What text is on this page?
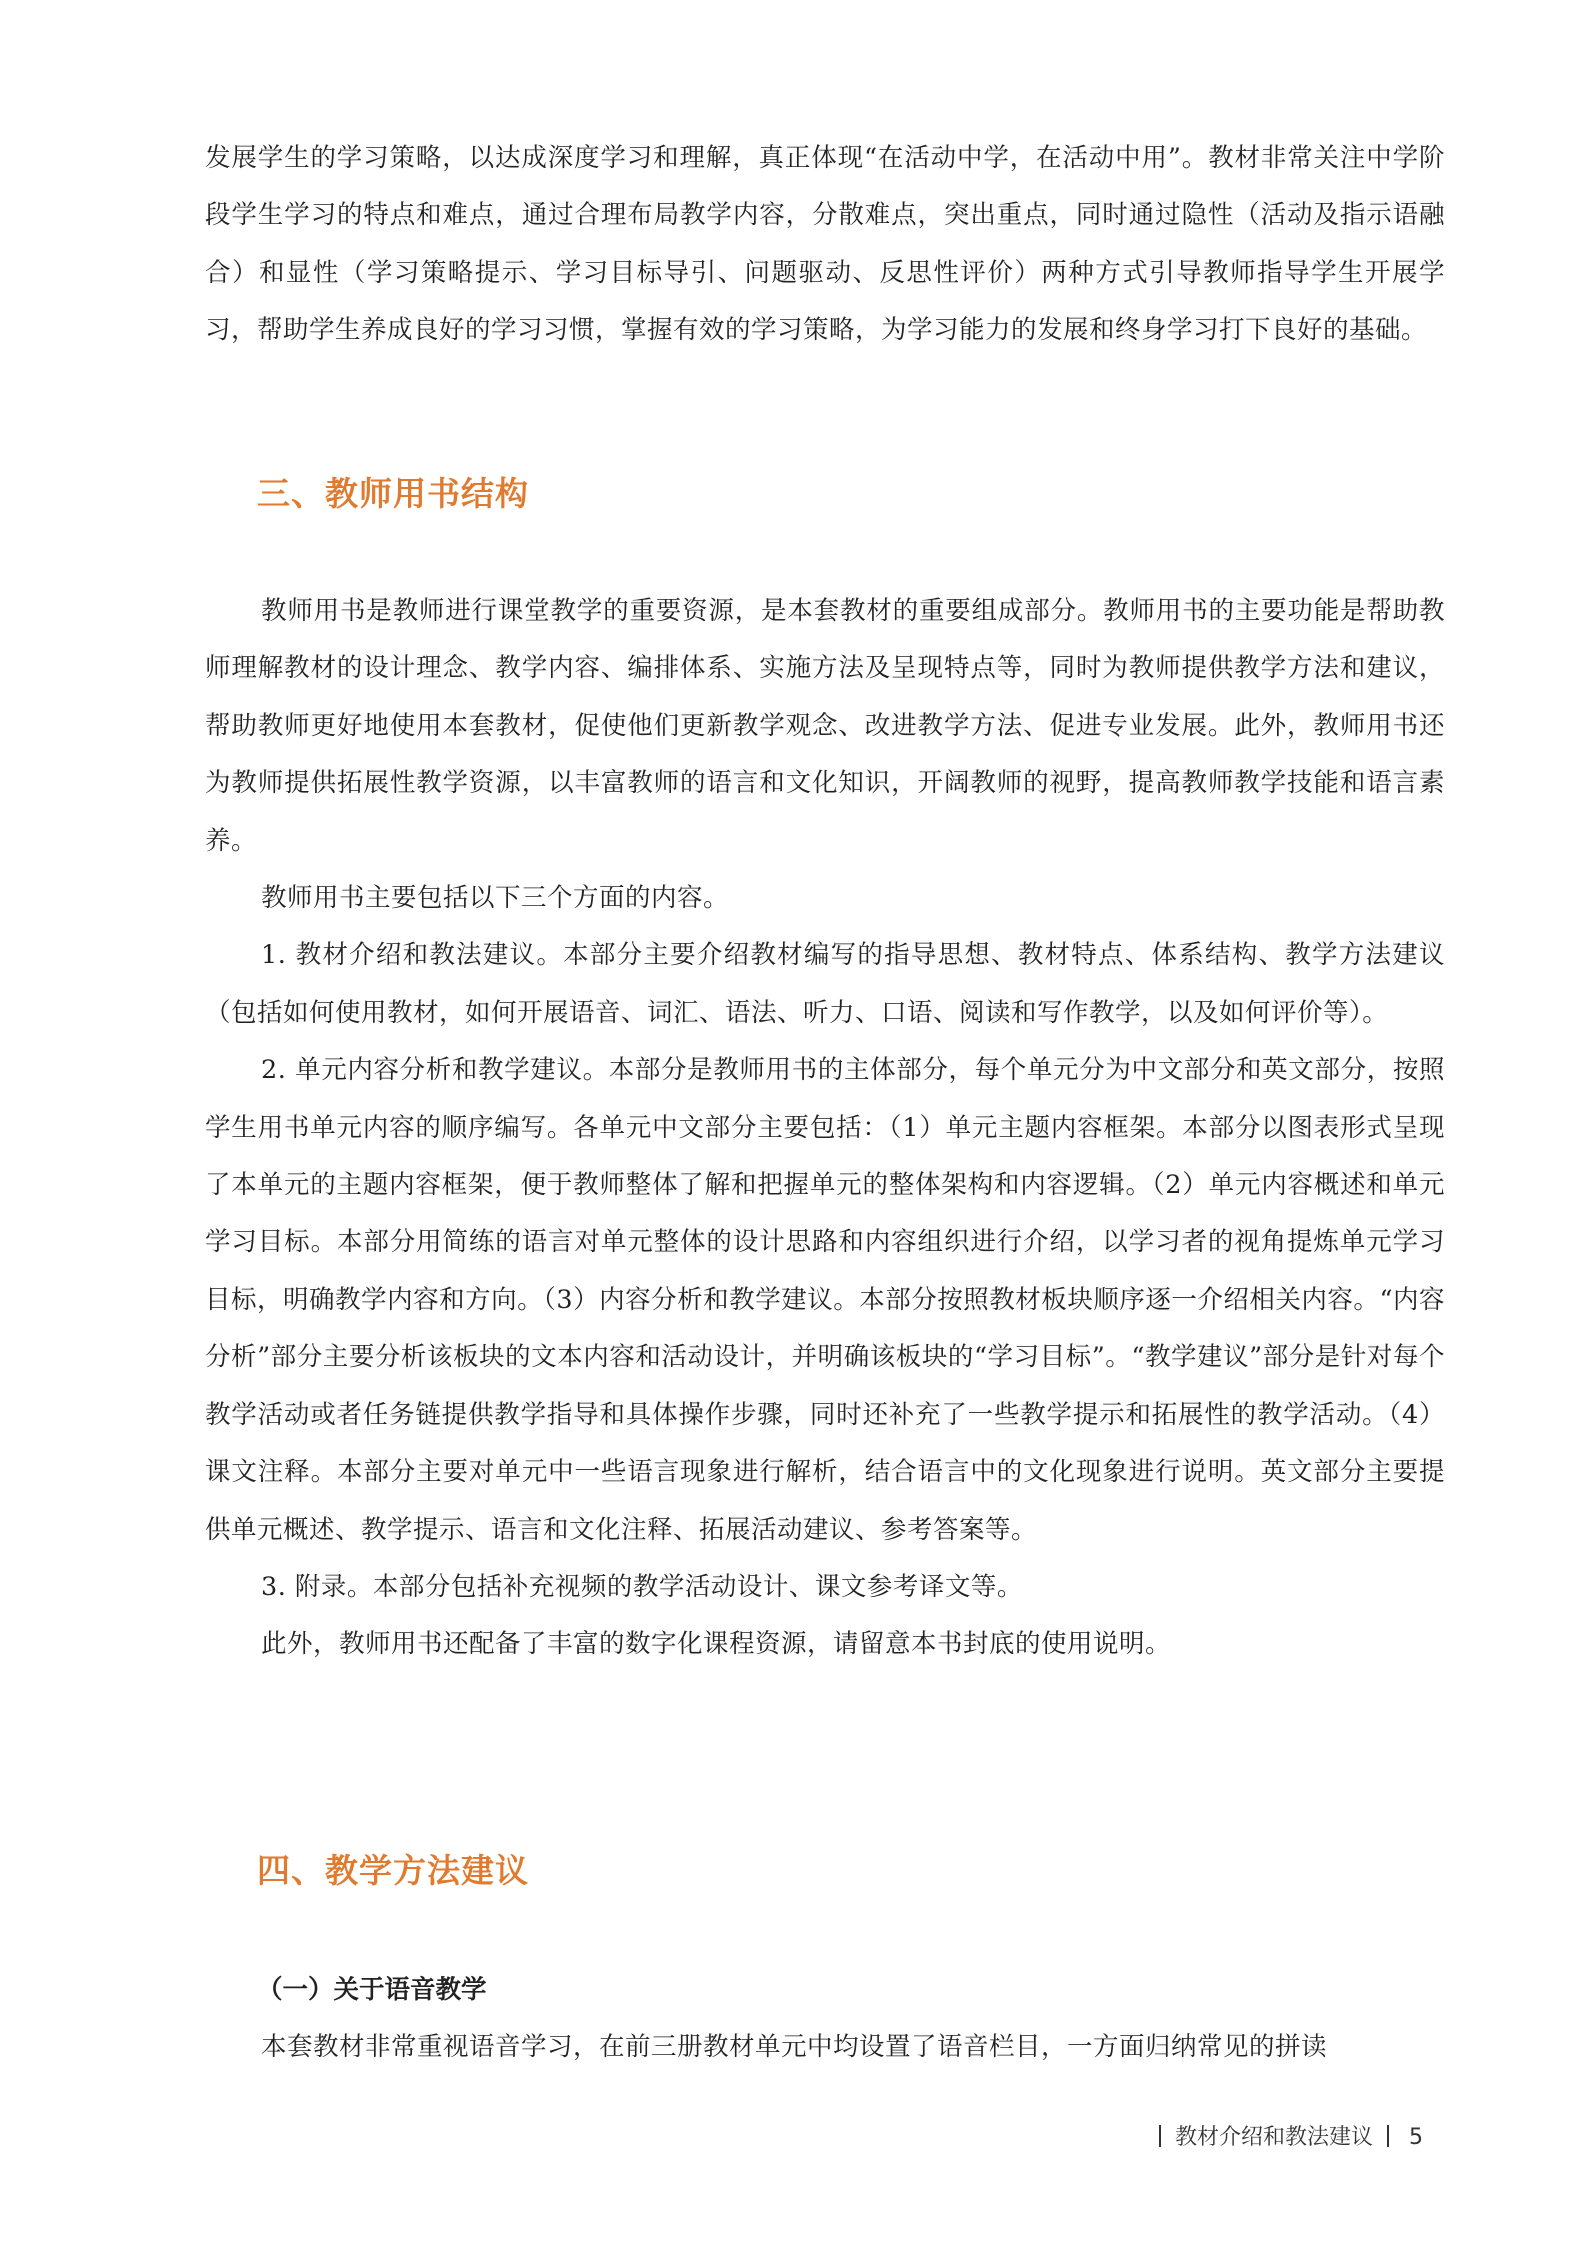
发展学生的学习策略，以达成深度学习和理解，真正体现“在活动中学，在活动中用”。教材非常关注中学阶段学生学习的特点和难点，通过合理布局教学内容，分散难点，突出重点，同时通过隐性（活动及指示语融合）和显性（学习策略提示、学习目标导引、问题驱动、反思性评价）两种方式引导教师指导学生开展学习，帮助学生养成良好的学习习惯，掌握有效的学习策略，为学习能力的发展和终身学习打下良好的基础。

三、教师用书结构

教师用书是教师进行课堂教学的重要资源，是本套教材的重要组成部分。教师用书的主要功能是帮助教师理解教材的设计理念、教学内容、编排体系、实施方法及呈现特点等，同时为教师提供教学方法和建议，帮助教师更好地使用本套教材，促使他们更新教学观念、改进教学方法、促进专业发展。此外，教师用书还为教师提供拓展性教学资源，以丰富教师的语言和文化知识，开阔教师的视野，提高教师教学技能和语言素养。

教师用书主要包括以下三个方面的内容。

1. 教材介绍和教法建议。本部分主要介绍教材编写的指导思想、教材特点、体系结构、教学方法建议（包括如何使用教材，如何开展语音、词汇、语法、听力、口语、阅读和写作教学，以及如何评价等）。

2. 单元内容分析和教学建议。本部分是教师用书的主体部分，每个单元分为中文部分和英文部分，按照学生用书单元内容的顺序编写。各单元中文部分主要包括：（1）单元主题内容框架。本部分以图表形式呈现了本单元的主题内容框架，便于教师整体了解和把握单元的整体架构和内容逻辑。（2）单元内容概述和单元学习目标。本部分用简练的语言对单元整体的设计思路和内容组织进行介绍，以学习者的视角提炼单元学习目标，明确教学内容和方向。（3）内容分析和教学建议。本部分按照教材板块顺序逐一介绍相关内容。“内容分析”部分主要分析该板块的文本内容和活动设计，并明确该板块的“学习目标”。“教学建议”部分是针对每个教学活动或者任务链提供教学指导和具体操作步骤，同时还补充了一些教学提示和拓展性的教学活动。（4）课文注释。本部分主要对单元中一些语言现象进行解析，结合语言中的文化现象进行说明。英文部分主要提供单元概述、教学提示、语言和文化注释、拓展活动建议、参考答案等。

3. 附录。本部分包括补充视频的教学活动设计、课文参考译文等。

此外，教师用书还配备了丰富的数字化课程资源，请留意本书封底的使用说明。

四、教学方法建议
（一）关于语音教学

本套教材非常重视语音学习，在前三册教材单元中均设置了语音栏目，一方面归纳常见的拼读

教材介绍和教法建议 5
